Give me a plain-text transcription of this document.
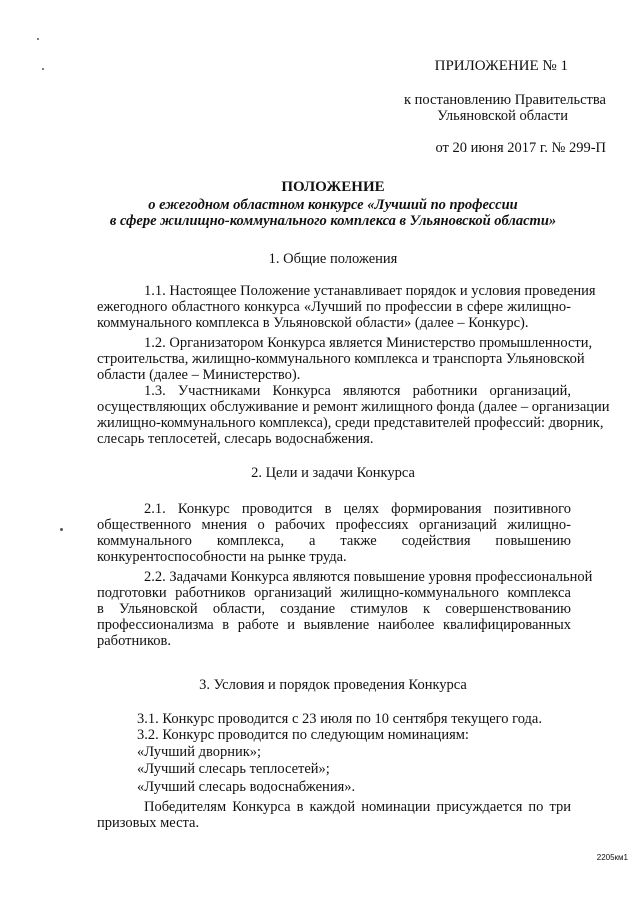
ПРИЛОЖЕНИЕ № 1
к постановлению Правительства
Ульяновской области
от 20 июня 2017 г. № 299-П
ПОЛОЖЕНИЕ
о ежегодном областном конкурсе «Лучший по профессии
в сфере жилищно-коммунального комплекса в Ульяновской области»
1. Общие положения
1.1. Настоящее Положение устанавливает порядок и условия проведения
ежегодного областного конкурса «Лучший по профессии в сфере жилищно-
коммунального комплекса в Ульяновской области» (далее – Конкурс).
1.2. Организатором Конкурса является Министерство промышленности,
строительства, жилищно-коммунального комплекса и транспорта Ульяновской
области (далее – Министерство).
1.3. Участниками Конкурса являются работники организаций,
осуществляющих обслуживание и ремонт жилищного фонда (далее – организации
жилищно-коммунального комплекса), среди представителей профессий: дворник,
слесарь теплосетей, слесарь водоснабжения.
2. Цели и задачи Конкурса
2.1. Конкурс проводится в целях формирования позитивного
общественного мнения о рабочих профессиях организаций жилищно-
коммунального комплекса, а также содействия повышению
конкурентоспособности на рынке труда.
2.2. Задачами Конкурса являются повышение уровня профессиональной
подготовки работников организаций жилищно-коммунального комплекса
в Ульяновской области, создание стимулов к совершенствованию
профессионализма в работе и выявление наиболее квалифицированных
работников.
3. Условия и порядок проведения Конкурса
3.1. Конкурс проводится с 23 июля по 10 сентября текущего года.
3.2. Конкурс проводится по следующим номинациям:
«Лучший дворник»;
«Лучший слесарь теплосетей»;
«Лучший слесарь водоснабжения».
Победителям Конкурса в каждой номинации присуждается по три
призовых места.
2205км1
